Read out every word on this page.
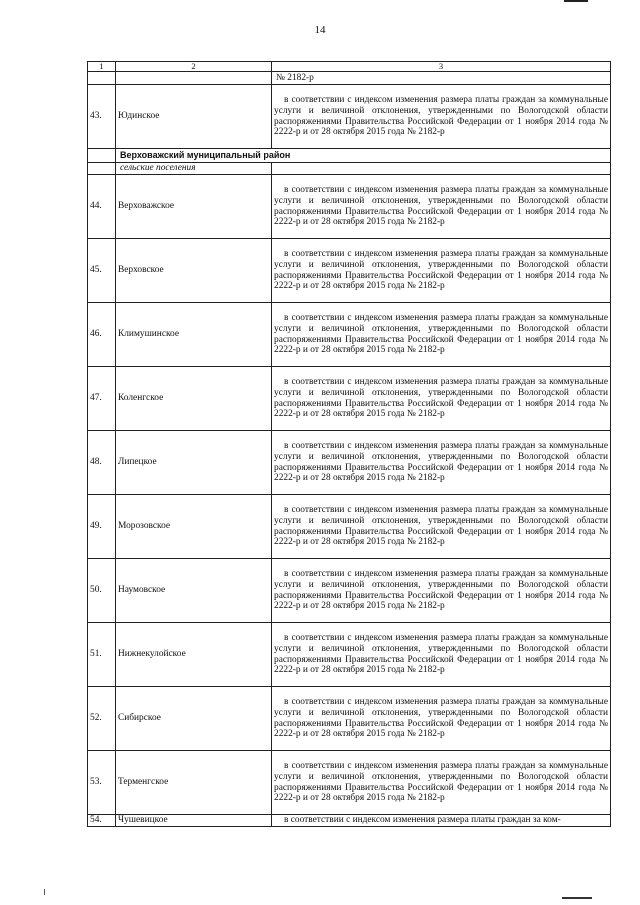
14
1	2	3
		№ 2182-р
43.	Юдинское	в соответствии с индексом изменения размера платы граждан за коммунальные услуги и величиной отклонения, утвержденными по Вологодской области распоряжениями Правительства Российской Федерации от 1 ноября 2014 года № 2222-р и от 28 октября 2015 года № 2182-р

	Верховажский муниципальный район	
	сельские поселения	
44.	Верховажское	в соответствии с индексом изменения размера платы граждан за коммунальные услуги и величиной отклонения, утвержденными по Вологодской области распоряжениями Правительства Российской Федерации от 1 ноября 2014 года № 2222-р и от 28 октября 2015 года № 2182-р

45.	Верховское	в соответствии с индексом изменения размера платы граждан за коммунальные услуги и величиной отклонения, утвержденными по Вологодской области распоряжениями Правительства Российской Федерации от 1 ноября 2014 года № 2222-р и от 28 октября 2015 года № 2182-р

46.	Климушинское	в соответствии с индексом изменения размера платы граждан за коммунальные услуги и величиной отклонения, утвержденными по Вологодской области распоряжениями Правительства Российской Федерации от 1 ноября 2014 года № 2222-р и от 28 октября 2015 года № 2182-р

47.	Коленгское	в соответствии с индексом изменения размера платы граждан за коммунальные услуги и величиной отклонения, утвержденными по Вологодской области распоряжениями Правительства Российской Федерации от 1 ноября 2014 года № 2222-р и от 28 октября 2015 года № 2182-р

48.	Липецкое	в соответствии с индексом изменения размера платы граждан за коммунальные услуги и величиной отклонения, утвержденными по Вологодской области распоряжениями Правительства Российской Федерации от 1 ноября 2014 года № 2222-р и от 28 октября 2015 года № 2182-р

49.	Морозовское	в соответствии с индексом изменения размера платы граждан за коммунальные услуги и величиной отклонения, утвержденными по Вологодской области распоряжениями Правительства Российской Федерации от 1 ноября 2014 года № 2222-р и от 28 октября 2015 года № 2182-р

50.	Наумовское	в соответствии с индексом изменения размера платы граждан за коммунальные услуги и величиной отклонения, утвержденными по Вологодской области распоряжениями Правительства Российской Федерации от 1 ноября 2014 года № 2222-р и от 28 октября 2015 года № 2182-р

51.	Нижнекулойское	в соответствии с индексом изменения размера платы граждан за коммунальные услуги и величиной отклонения, утвержденными по Вологодской области распоряжениями Правительства Российской Федерации от 1 ноября 2014 года № 2222-р и от 28 октября 2015 года № 2182-р

52.	Сибирское	в соответствии с индексом изменения размера платы граждан за коммунальные услуги и величиной отклонения, утвержденными по Вологодской области распоряжениями Правительства Российской Федерации от 1 ноября 2014 года № 2222-р и от 28 октября 2015 года № 2182-р

53.	Терменгское	в соответствии с индексом изменения размера платы граждан за коммунальные услуги и величиной отклонения, утвержденными по Вологодской области распоряжениями Правительства Российской Федерации от 1 ноября 2014 года № 2222-р и от 28 октября 2015 года № 2182-р

54.	Чушевицкое	в соответствии с индексом изменения размера платы граждан за ком-
